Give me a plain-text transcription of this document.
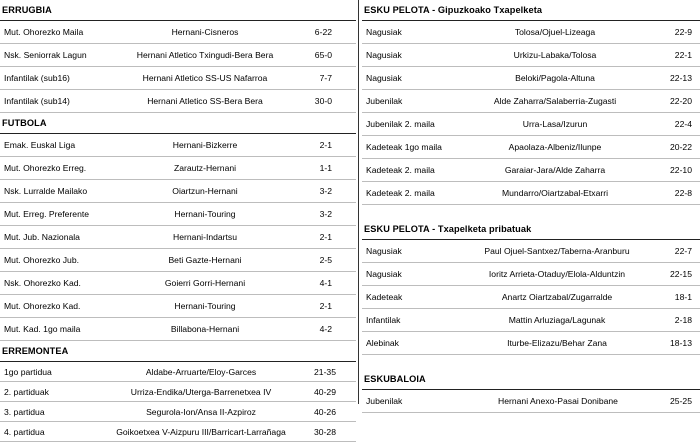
ERRUGBIA
Mut. Ohorezko Maila	Hernani-Cisneros	6-22
Nsk. Seniorrak Lagun	Hernani Atletico Txingudi-Bera Bera	65-0
Infantilak (sub16)	Hernani Atletico SS-US Nafarroa	7-7
Infantilak (sub14)	Hernani Atletico SS-Bera Bera	30-0
FUTBOLA
Emak. Euskal Liga	Hernani-Bizkerre	2-1
Mut. Ohorezko Erreg.	Zarautz-Hernani	1-1
Nsk. Lurralde Mailako	Oiartzun-Hernani	3-2
Mut. Erreg. Preferente	Hernani-Touring	3-2
Mut. Jub. Nazionala	Hernani-Indartsu	2-1
Mut. Ohorezko Jub.	Beti Gazte-Hernani	2-5
Nsk. Ohorezko Kad.	Goierri Gorri-Hernani	4-1
Mut. Ohorezko Kad.	Hernani-Touring	2-1
Mut. Kad. 1go maila	Billabona-Hernani	4-2
ERREMONTEA
1go partidua	Aldabe-Arruarte/Eloy-Garces	21-35
2. partiduak	Urriza-Endika/Uterga-Barrenetxea IV	40-29
3. partidua	Segurola-Ion/Ansa II-Azpiroz	40-26
4. partidua	Goikoetxea V-Aizpuru III/Barricart-Larrañaga	30-28
ESKU PELOTA - Gipuzkoako Txapelketa
Nagusiak	Tolosa/Ojuel-Lizeaga	22-9
Nagusiak	Urkizu-Labaka/Tolosa	22-1
Nagusiak	Beloki/Pagola-Altuna	22-13
Jubenilak	Alde Zaharra/Salaberria-Zugasti	22-20
Jubenilak 2. maila	Urra-Lasa/Izurun	22-4
Kadeteak 1go maila	Apaolaza-Albeniz/Ilunpe	20-22
Kadeteak 2. maila	Garaiar-Jara/Alde Zaharra	22-10
Kadeteak 2. maila	Mundarro/Oiartzabal-Etxarri	22-8
ESKU PELOTA - Txapelketa pribatuak
Nagusiak	Paul Ojuel-Santxez/Taberna-Aranburu	22-7
Nagusiak	Ioritz Arrieta-Otaduy/Elola-Alduntzin	22-15
Kadeteak	Anartz Oiartzabal/Zugarralde	18-1
Infantilak	Mattin Arluziaga/Lagunak	2-18
Alebinak	Iturbe-Elizazu/Behar Zana	18-13
ESKUBALOIA
Jubenilak	Hernani Anexo-Pasai Donibane	25-25
